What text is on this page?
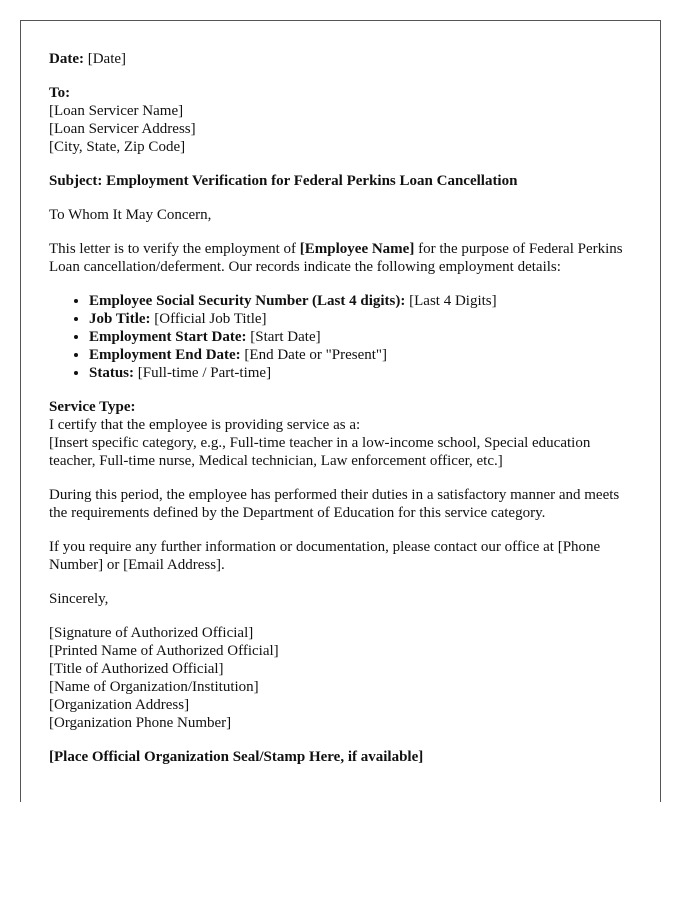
Date: [Date]
To:
[Loan Servicer Name]
[Loan Servicer Address]
[City, State, Zip Code]

Subject: Employment Verification for Federal Perkins Loan Cancellation

To Whom It May Concern,

This letter is to verify the employment of [Employee Name] for the purpose of Federal Perkins Loan cancellation/deferment. Our records indicate the following employment details:

• Employee Social Security Number (Last 4 digits): [Last 4 Digits]
• Job Title: [Official Job Title]
• Employment Start Date: [Start Date]
• Employment End Date: [End Date or "Present"]
• Status: [Full-time / Part-time]
Service Type:
I certify that the employee is providing service as a:
[Insert specific category, e.g., Full-time teacher in a low-income school, Special education teacher, Full-time nurse, Medical technician, Law enforcement officer, etc.]

During this period, the employee has performed their duties in a satisfactory manner and meets the requirements defined by the Department of Education for this service category.

If you require any further information or documentation, please contact our office at [Phone Number] or [Email Address].

Sincerely,

[Signature of Authorized Official]
[Printed Name of Authorized Official]
[Title of Authorized Official]
[Name of Organization/Institution]
[Organization Address]
[Organization Phone Number]

[Place Official Organization Seal/Stamp Here, if available]
